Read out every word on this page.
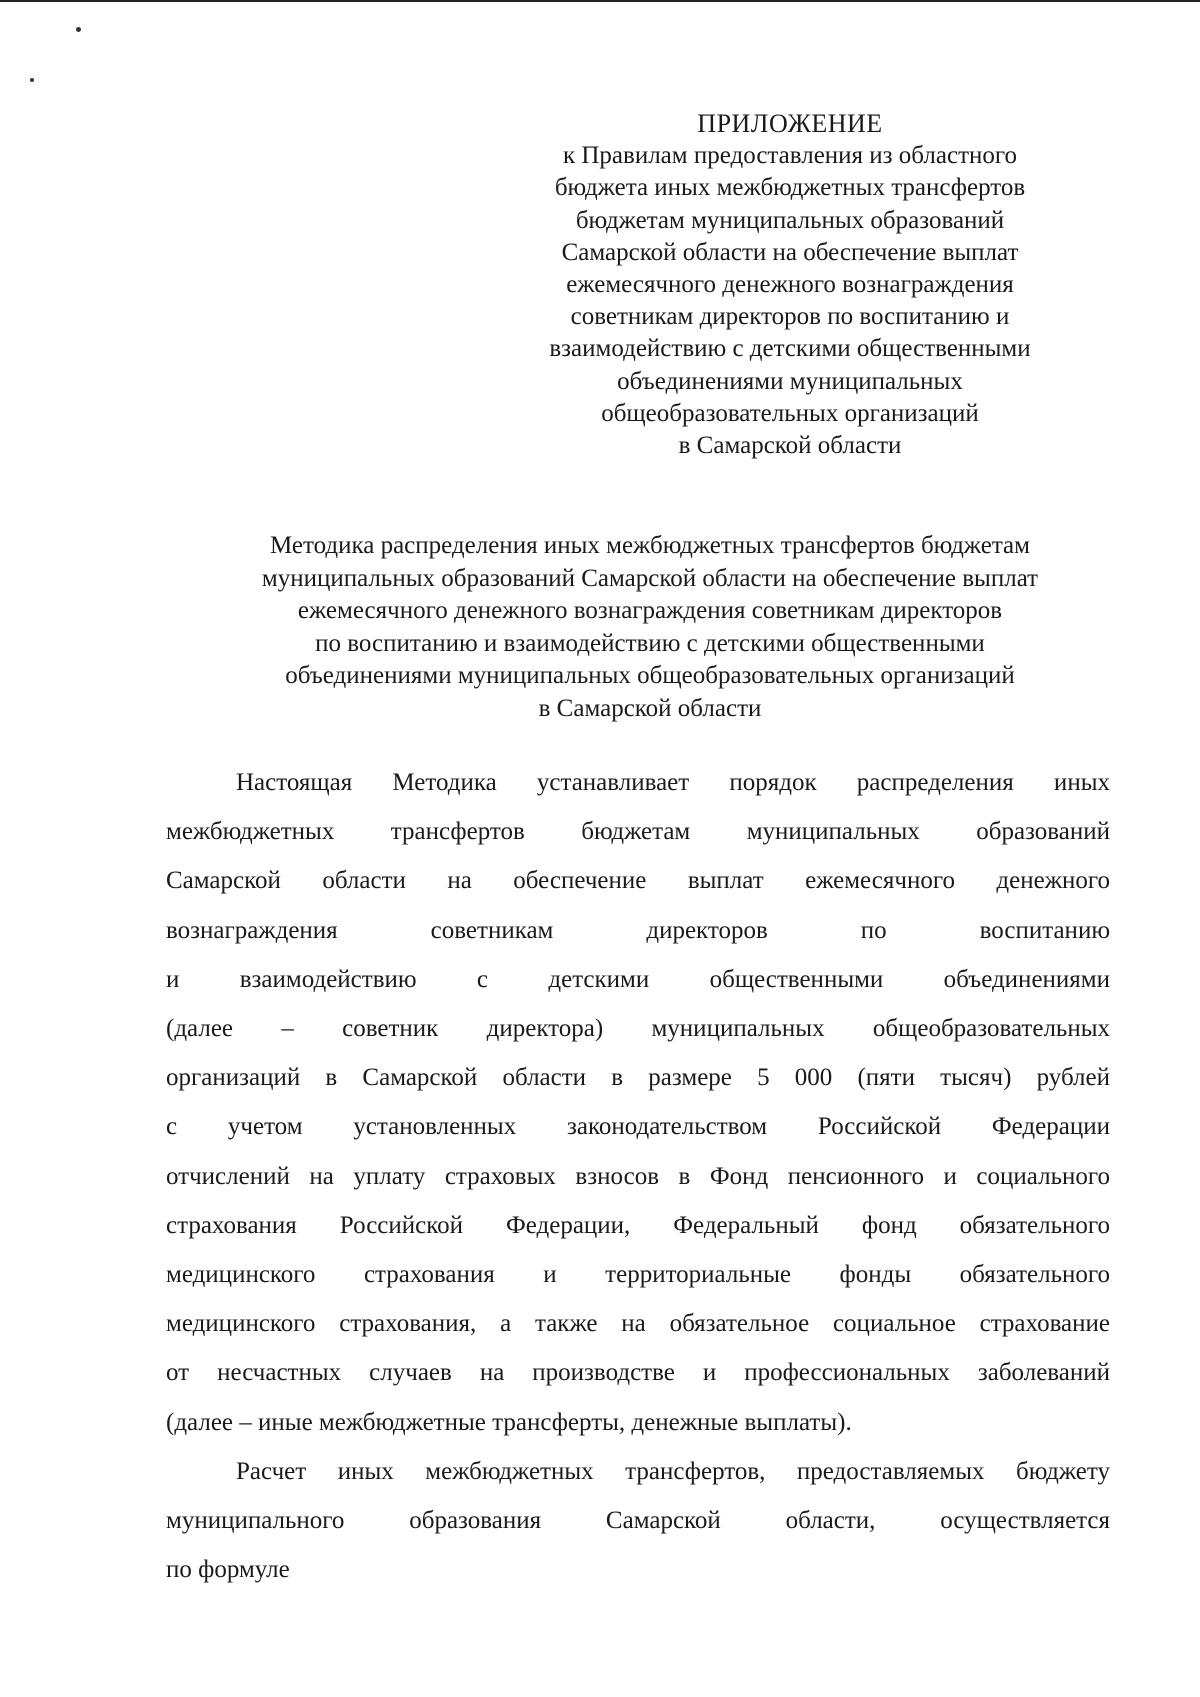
ПРИЛОЖЕНИЕ
к Правилам предоставления из областного
бюджета иных межбюджетных трансфертов
бюджетам муниципальных образований
Самарской области на обеспечение выплат
ежемесячного денежного вознаграждения
советникам директоров по воспитанию и
взаимодействию с детскими общественными
объединениями муниципальных
общеобразовательных организаций
в Самарской области
Методика распределения иных межбюджетных трансфертов бюджетам
муниципальных образований Самарской области на обеспечение выплат
ежемесячного денежного вознаграждения советникам директоров
по воспитанию и взаимодействию с детскими общественными
объединениями муниципальных общеобразовательных организаций
в Самарской области

Настоящая Методика устанавливает порядок распределения иных
межбюджетных трансфертов бюджетам муниципальных образований
Самарской области на обеспечение выплат ежемесячного денежного
вознаграждения советникам директоров по воспитанию
и взаимодействию с детскими общественными объединениями
(далее – советник директора) муниципальных общеобразовательных
организаций в Самарской области в размере 5 000 (пяти тысяч) рублей
с учетом установленных законодательством Российской Федерации
отчислений на уплату страховых взносов в Фонд пенсионного и социального
страхования Российской Федерации, Федеральный фонд обязательного
медицинского страхования и территориальные фонды обязательного
медицинского страхования, а также на обязательное социальное страхование
от несчастных случаев на производстве и профессиональных заболеваний
(далее – иные межбюджетные трансферты, денежные выплаты).

Расчет иных межбюджетных трансфертов, предоставляемых бюджету
муниципального образования Самарской области, осуществляется
по формуле
